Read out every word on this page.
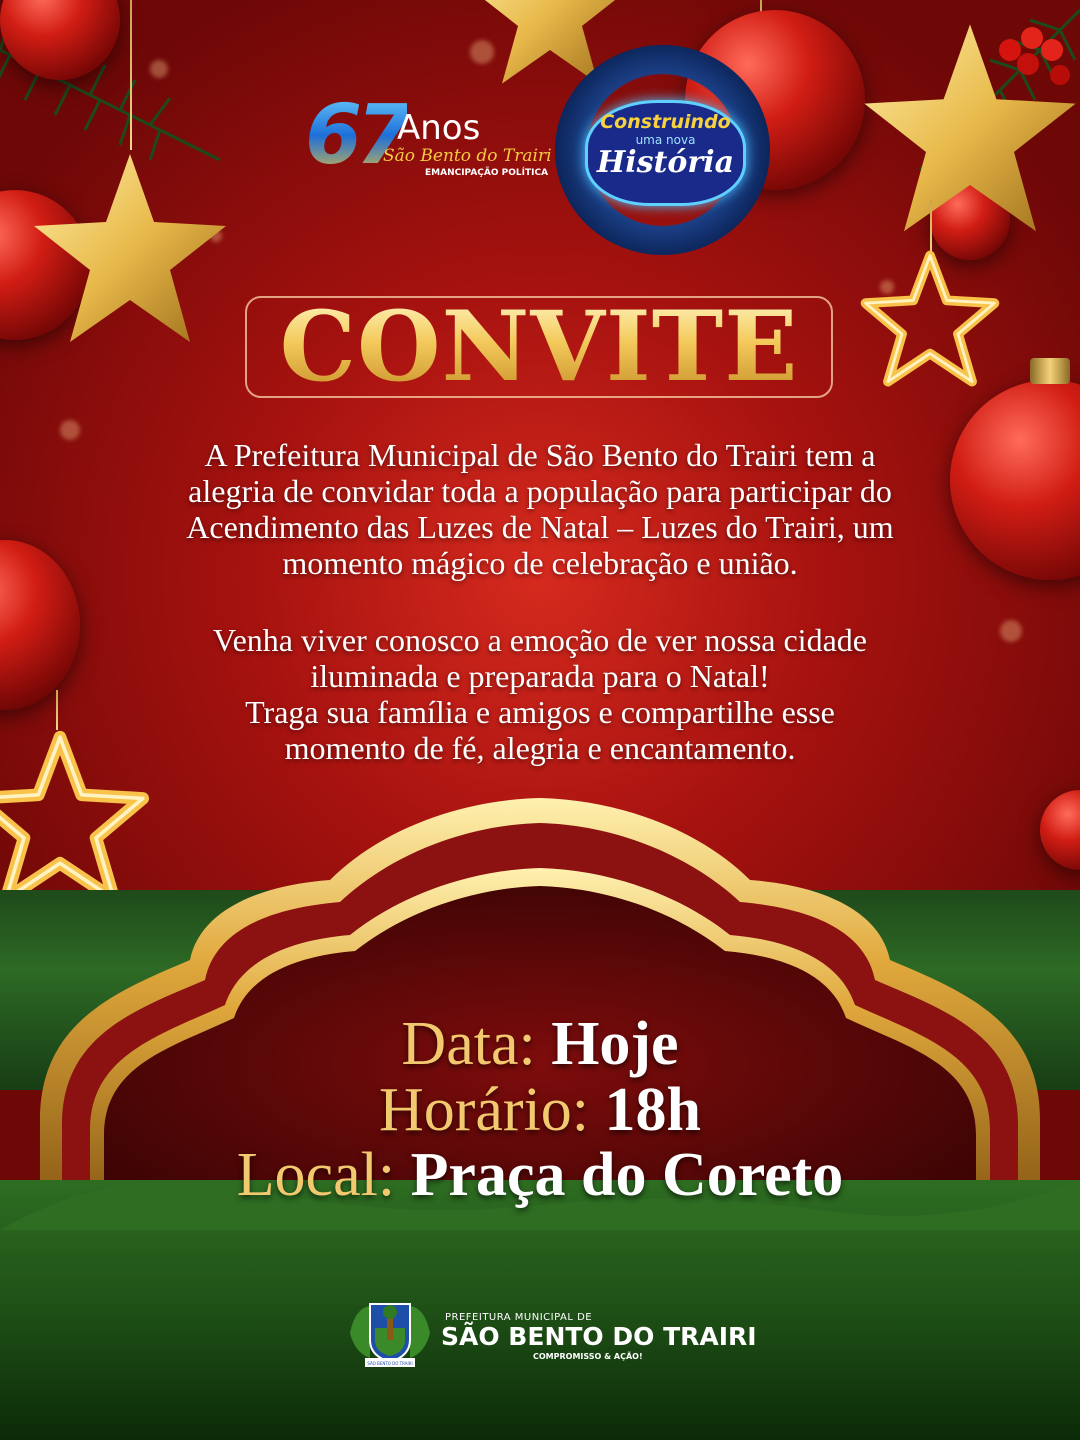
67
Anos
São Bento do Trairi
EMANCIPAÇÃO POLÍTICA
Construindo
uma nova
História
CONVITE

A Prefeitura Municipal de São Bento do Trairi tem a

alegria de convidar toda a população para participar do

Acendimento das Luzes de Natal – Luzes do Trairi, um

momento mágico de celebração e união.

Venha viver conosco a emoção de ver nossa cidade

iluminada e preparada para o Natal!

Traga sua família e amigos e compartilhe esse

momento de fé, alegria e encantamento.

Data: Hoje
Horário: 18h
Local: Praça do Coreto
SÃO BENTO DO TRAIRI
PREFEITURA MUNICIPAL DE
SÃO BENTO DO TRAIRI
COMPROMISSO & AÇÃO!
